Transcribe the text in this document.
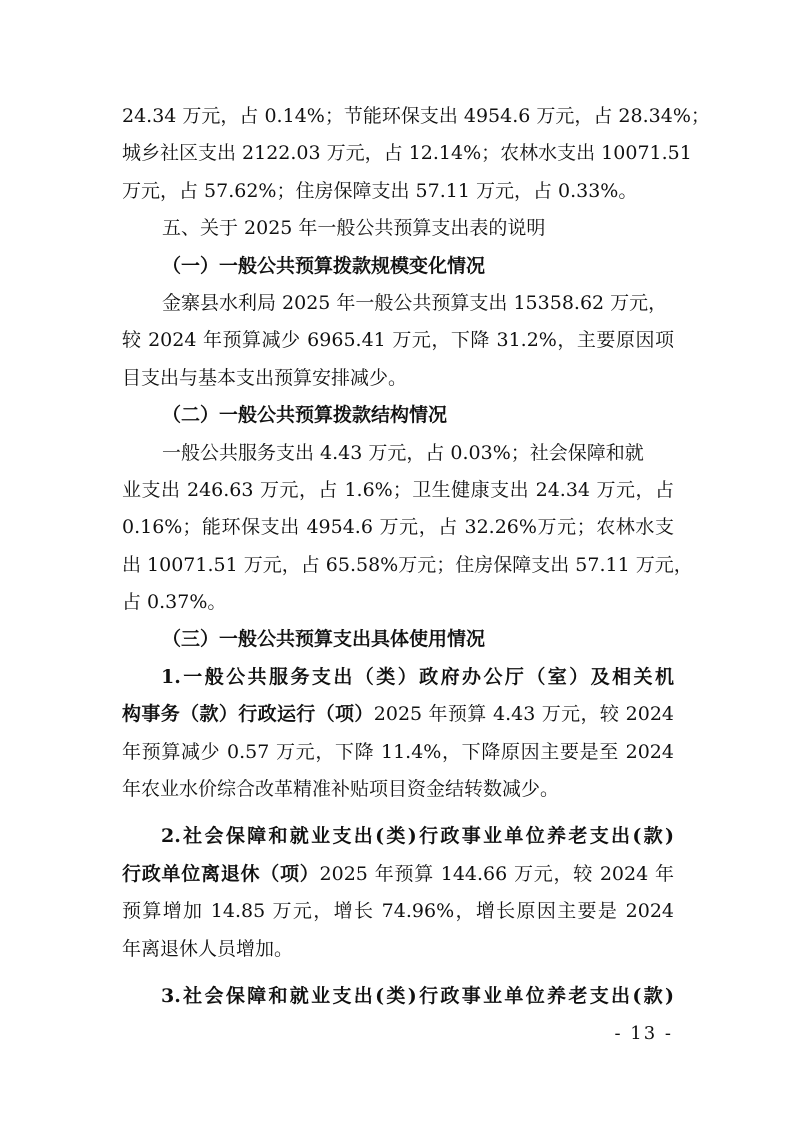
24.34 万元，占 0.14%；节能环保支出 4954.6 万元，占 28.34%；
城乡社区支出 2122.03 万元，占 12.14%；农林水支出 10071.51
万元，占 57.62%；住房保障支出 57.11 万元，占 0.33%。
五、关于 2025 年一般公共预算支出表的说明
（一）一般公共预算拨款规模变化情况
金寨县水利局 2025 年一般公共预算支出 15358.62 万元，
较 2024 年预算减少 6965.41 万元，下降 31.2%，主要原因项
目支出与基本支出预算安排减少。
（二）一般公共预算拨款结构情况
一般公共服务支出 4.43 万元，占 0.03%；社会保障和就
业支出 246.63 万元，占 1.6%；卫生健康支出 24.34 万元，占
0.16%；能环保支出 4954.6 万元，占 32.26%万元；农林水支
出 10071.51 万元，占 65.58%万元；住房保障支出 57.11 万元，
占 0.37%。
（三）一般公共预算支出具体使用情况
1.一般公共服务支出（类）政府办公厅（室）及相关机
构事务（款）行政运行（项）2025 年预算 4.43 万元，较 2024
年预算减少 0.57 万元，下降 11.4%，下降原因主要是至 2024
年农业水价综合改革精准补贴项目资金结转数减少。
2.社会保障和就业支出(类)行政事业单位养老支出(款)
行政单位离退休（项）2025 年预算 144.66 万元，较 2024 年
预算增加 14.85 万元，增长 74.96%，增长原因主要是 2024
年离退休人员增加。
3.社会保障和就业支出(类)行政事业单位养老支出(款)
- 13 -
